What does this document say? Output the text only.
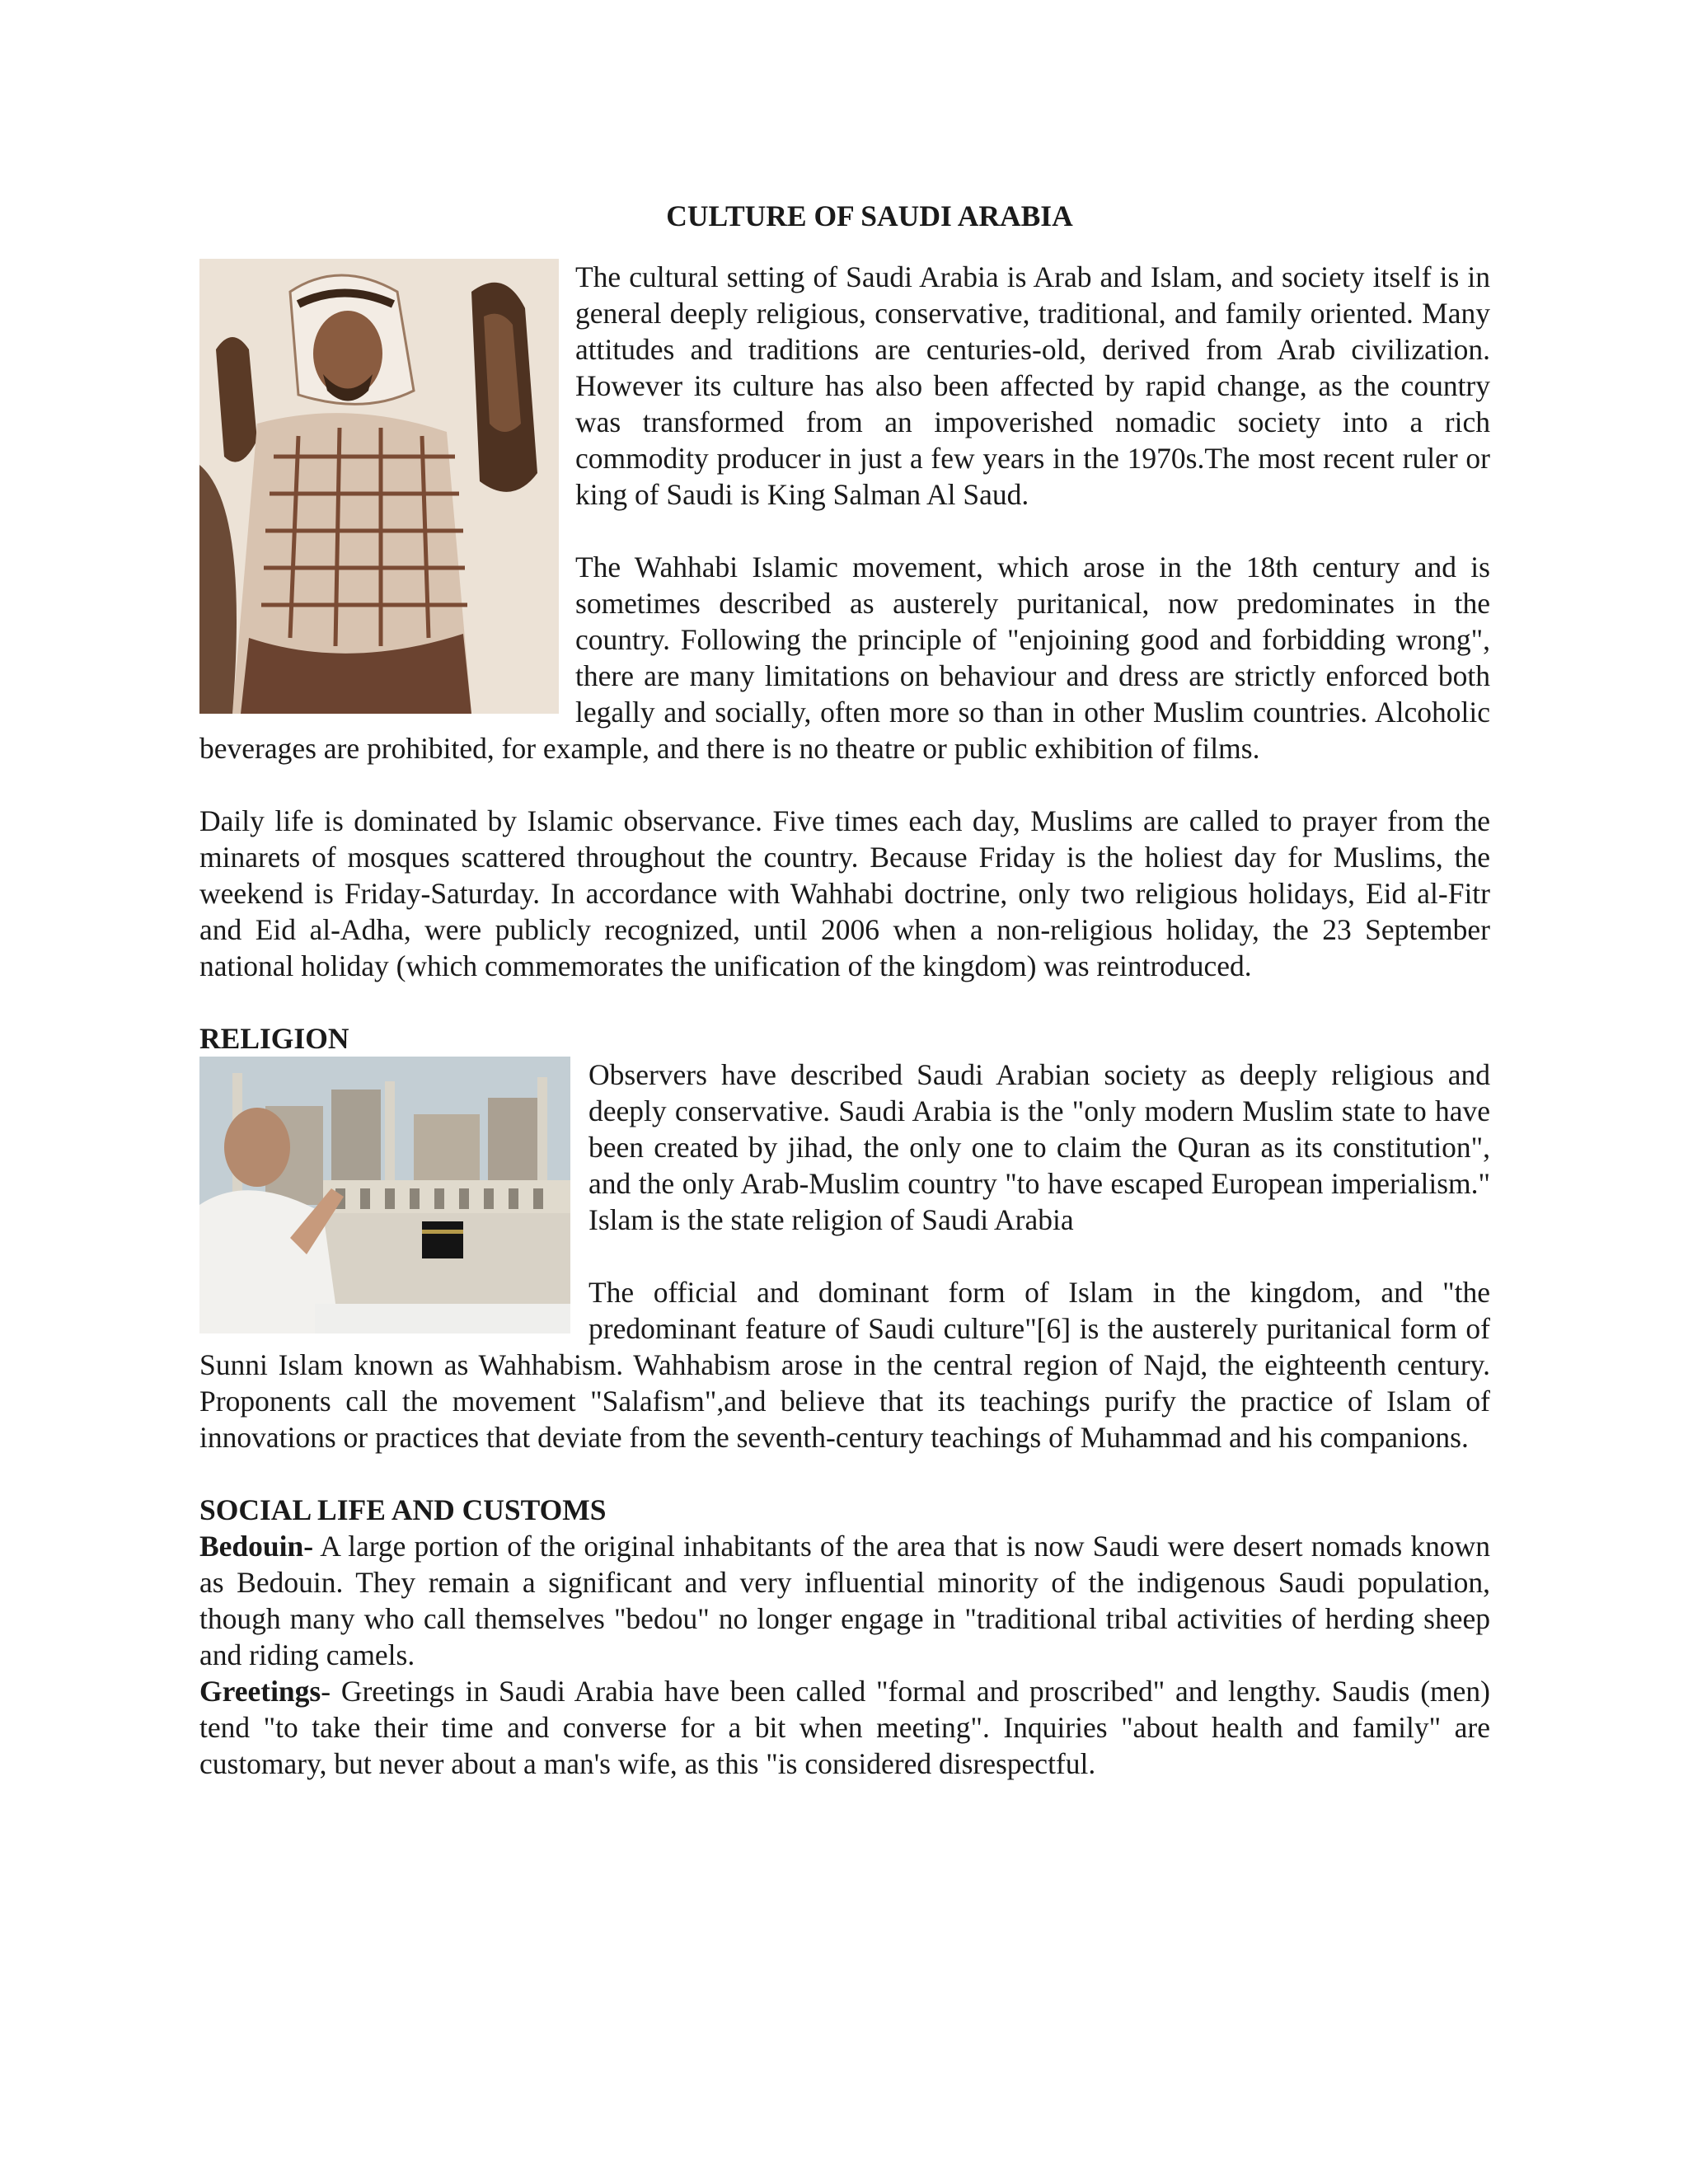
CULTURE OF SAUDI ARABIA

The cultural setting of Saudi Arabia is Arab and Islam, and society itself is in general deeply religious, conservative, traditional, and family oriented. Many attitudes and traditions are centuries-old, derived from Arab civilization. However its culture has also been affected by rapid change, as the country was transformed from an impoverished nomadic society into a rich commodity producer in just a few years in the 1970s.The most recent ruler or king of Saudi is King Salman Al Saud.

The Wahhabi Islamic movement, which arose in the 18th century and is sometimes described as austerely puritanical, now predominates in the country. Following the principle of "enjoining good and forbidding wrong", there are many limitations on behaviour and dress are strictly enforced both legally and socially, often more so than in other Muslim countries. Alcoholic beverages are prohibited, for example, and there is no theatre or public exhibition of films.

Daily life is dominated by Islamic observance. Five times each day, Muslims are called to prayer from the minarets of mosques scattered throughout the country. Because Friday is the holiest day for Muslims, the weekend is Friday-Saturday. In accordance with Wahhabi doctrine, only two religious holidays, Eid al-Fitr and Eid al-Adha, were publicly recognized, until 2006 when a non-religious holiday, the 23 September national holiday (which commemorates the unification of the kingdom) was reintroduced.

RELIGION

Observers have described Saudi Arabian society as deeply religious and deeply conservative. Saudi Arabia is the "only modern Muslim state to have been created by jihad, the only one to claim the Quran as its constitution", and the only Arab-Muslim country "to have escaped European imperialism." Islam is the state religion of Saudi Arabia

The official and dominant form of Islam in the kingdom, and "the predominant feature of Saudi culture"[6] is the austerely puritanical form of Sunni Islam known as Wahhabism. Wahhabism arose in the central region of Najd, the eighteenth century. Proponents call the movement "Salafism",and believe that its teachings purify the practice of Islam of innovations or practices that deviate from the seventh-century teachings of Muhammad and his companions.

SOCIAL LIFE AND CUSTOMS

Bedouin- A large portion of the original inhabitants of the area that is now Saudi were desert nomads known as Bedouin. They remain a significant and very influential minority of the indigenous Saudi population, though many who call themselves "bedou" no longer engage in "traditional tribal activities of herding sheep and riding camels.

Greetings- Greetings in Saudi Arabia have been called "formal and proscribed" and lengthy. Saudis (men) tend "to take their time and converse for a bit when meeting". Inquiries "about health and family" are customary, but never about a man's wife, as this "is considered disrespectful.
